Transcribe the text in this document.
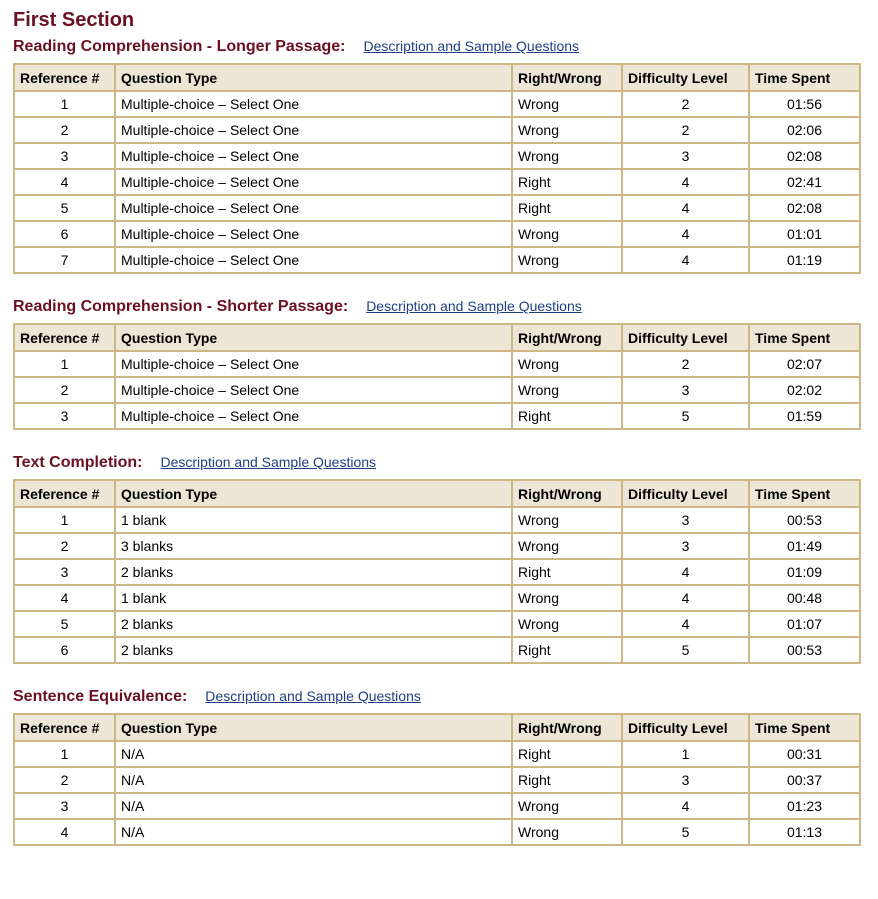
First Section
Reading Comprehension - Longer Passage: Description and Sample Questions
Reference #	Question Type	Right/Wrong	Difficulty Level	Time Spent
1	Multiple-choice – Select One	Wrong	2	01:56
2	Multiple-choice – Select One	Wrong	2	02:06
3	Multiple-choice – Select One	Wrong	3	02:08
4	Multiple-choice – Select One	Right	4	02:41
5	Multiple-choice – Select One	Right	4	02:08
6	Multiple-choice – Select One	Wrong	4	01:01
7	Multiple-choice – Select One	Wrong	4	01:19
Reading Comprehension - Shorter Passage: Description and Sample Questions
Reference #	Question Type	Right/Wrong	Difficulty Level	Time Spent
1	Multiple-choice – Select One	Wrong	2	02:07
2	Multiple-choice – Select One	Wrong	3	02:02
3	Multiple-choice – Select One	Right	5	01:59
Text Completion: Description and Sample Questions
Reference #	Question Type	Right/Wrong	Difficulty Level	Time Spent
1	1 blank	Wrong	3	00:53
2	3 blanks	Wrong	3	01:49
3	2 blanks	Right	4	01:09
4	1 blank	Wrong	4	00:48
5	2 blanks	Wrong	4	01:07
6	2 blanks	Right	5	00:53
Sentence Equivalence: Description and Sample Questions
Reference #	Question Type	Right/Wrong	Difficulty Level	Time Spent
1	N/A	Right	1	00:31
2	N/A	Right	3	00:37
3	N/A	Wrong	4	01:23
4	N/A	Wrong	5	01:13
